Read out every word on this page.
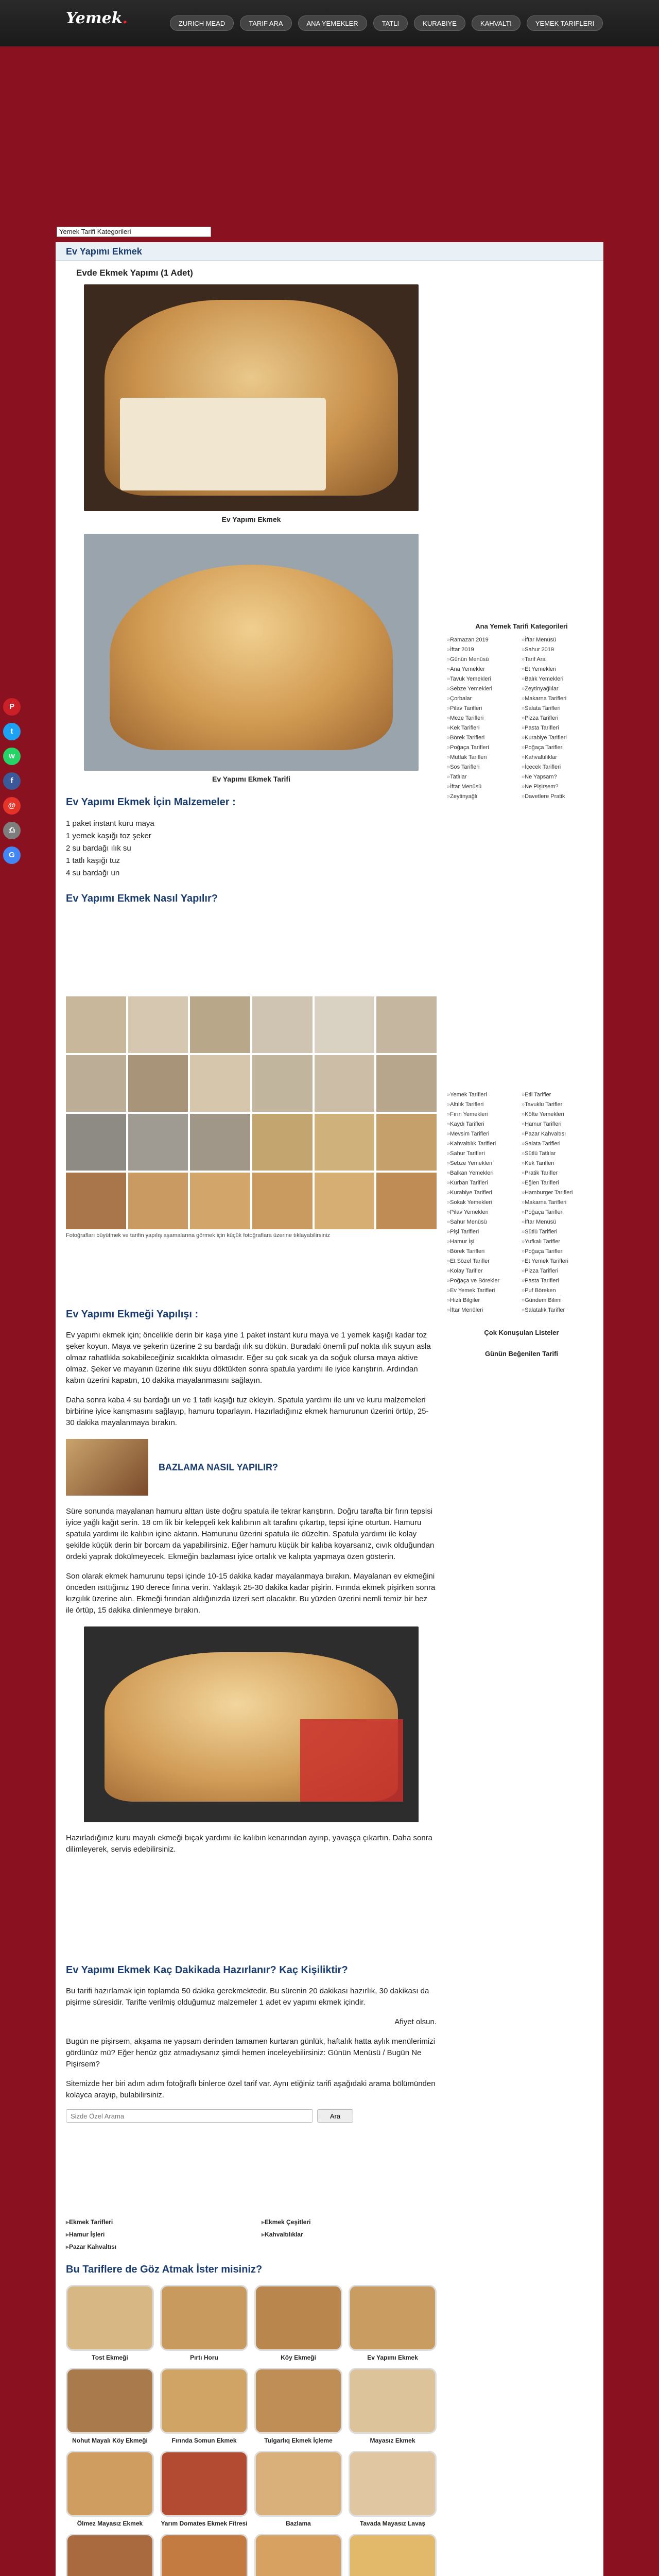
Yemek.	ZURICH MEAD	TARIF ARA	ANA YEMEKLER	TATLI	KURABIYE	KAHVALTI	YEMEK TARIFLERI
Yemek Tarifi Kategorileri
P
t
w
f
@
⎙
G
Ev Yapımı Ekmek
Evde Ekmek Yapımı (1 Adet)
Ev Yapımı Ekmek
Ev Yapımı Ekmek Tarifi
Ev Yapımı Ekmek İçin Malzemeler :
1 paket instant kuru maya
1 yemek kaşığı toz şeker
2 su bardağı ılık su
1 tatlı kaşığı tuz
4 su bardağı un
Ev Yapımı Ekmek Nasıl Yapılır?
Fotoğrafları büyütmek ve tarifin yapılış aşamalarına görmek için küçük fotoğraflara üzerine tıklayabilirsiniz
Ev Yapımı Ekmeği Yapılışı :

Ev yapımı ekmek için; öncelikle derin bir kaşa yine 1 paket instant kuru maya ve 1 yemek kaşığı kadar toz şeker koyun. Maya ve şekerin üzerine 2 su bardağı ılık su dökün. Buradaki önemli puf nokta ılık suyun asla olmaz rahatlıkla sokabileceğiniz sıcaklıkta olmasıdır. Eğer su çok sıcak ya da soğuk olursa maya aktive olmaz. Şeker ve mayanın üzerine ılık suyu döktükten sonra spatula yardımı ile iyice karıştırın. Ardından kabın üzerini kapatın, 10 dakika mayalanmasını sağlayın.

Daha sonra kaba 4 su bardağı un ve 1 tatlı kaşığı tuz ekleyin. Spatula yardımı ile unı ve kuru malzemeleri birbirine iyice karışmasını sağlayıp, hamuru toparlayın. Hazırladığınız ekmek hamurunun üzerini örtüp, 25-30 dakika mayalanmaya bırakın.

BAZLAMA NASIL YAPILIR?

Süre sonunda mayalanan hamuru alttan üste doğru spatula ile tekrar karıştırın. Doğru tarafta bir fırın tepsisi iyice yağlı kağıt serin. 18 cm lik bir kelepçeli kek kalıbının alt tarafını çıkartıp, tepsi içine oturtun. Hamuru spatula yardımı ile kalıbın içine aktarın. Hamurunu üzerini spatula ile düzeltin. Spatula yardımı ile kolay şekilde küçük derin bir borcam da yapabilirsiniz. Eğer hamuru küçük bir kalıba koyarsanız, cıvık olduğundan ördeki yaprak dökülmeyecek. Ekmeğin bazlaması iyice ortalık ve kalıpta yapmaya özen gösterin.

Son olarak ekmek hamurunu tepsi içinde 10-15 dakika kadar mayalanmaya bırakın. Mayalanan ev ekmeğini önceden ısıttığınız 190 derece fırına verin. Yaklaşık 25-30 dakika kadar pişirin. Fırında ekmek pişirken sonra kızgılık üzerine alın. Ekmeği fırından aldığınızda üzeri sert olacaktır. Bu yüzden üzerini nemli temiz bir bez ile örtüp, 15 dakika dinlenmeye bırakın.

Hazırladığınız kuru mayalı ekmeği bıçak yardımı ile kalıbın kenarından ayırıp, yavaşça çıkartın. Daha sonra dilimleyerek, servis edebilirsiniz.

Ev Yapımı Ekmek Kaç Dakikada Hazırlanır? Kaç Kişiliktir?

Bu tarifi hazırlamak için toplamda 50 dakika gerekmektedir. Bu sürenin 20 dakikası hazırlık, 30 dakikası da pişirme süresidir. Tarifte verilmiş olduğumuz malzemeler 1 adet ev yapımı ekmek içindir.

Afiyet olsun.

Bugün ne pişirsem, akşama ne yapsam derinden tamamen kurtaran günlük, haftalık hatta aylık menülerimizi gördünüz mü? Eğer henüz göz atmadıysanız şimdi hemen inceleyebilirsiniz: Günün Menüsü / Bugün Ne Pişirsem?

Sitemizde her biri adım adım fotoğraflı binlerce özel tarif var. Aynı etiğiniz tarifi aşağıdaki arama bölümünden kolayca arayıp, bulabilirsiniz.

Sizde Özel Arama
Ara
▸ Ekmek Tarifleri	▸ Ekmek Çeşitleri
▸ Hamur İşleri	▸ Kahvaltılıklar
▸ Pazar Kahvaltısı
Bu Tariflere de Göz Atmak İster misiniz?
Tost Ekmeği	Pırtı Horu	Köy Ekmeği	Ev Yapımı Ekmek
Nohut Mayalı Köy Ekmeği	Fırında Somun Ekmek	Tulgarlıq Ekmek İçleme	Mayasız Ekmek
Ölmez Mayasız Ekmek	Yarım Domates Ekmek Fitresi	Bazlama	Tavada Mayasız Lavaş
Ana Yemek Tarifi Kategorileri
» Ramazan 2019	» İftar Menüsü
» İftar 2019	» Sahur 2019
» Günün Menüsü	» Tarif Ara
» Ana Yemekler	» Et Yemekleri
» Tavuk Yemekleri	» Balık Yemekleri
» Sebze Yemekleri	» Zeytinyağlılar
» Çorbalar	» Makarna Tarifleri
» Pilav Tarifleri	» Salata Tarifleri
» Meze Tarifleri	» Pizza Tarifleri
» Kek Tarifleri	» Pasta Tarifleri
» Börek Tarifleri	» Kurabiye Tarifleri
» Poğaça Tarifleri	» Poğaça Tarifleri
» Mutfak Tarifleri	» Kahvaltılıklar
» Sos Tarifleri	» İçecek Tarifleri
» Tatlılar	» Ne Yapsam?
» İftar Menüsü	» Ne Pişirsem?
» Zeytinyağlı	» Davetlere Pratik
» Yemek Tarifleri	» Etli Tarifler
» Altılık Tarifleri	» Tavuklu Tarifler
» Fırın Yemekleri	» Köfte Yemekleri
» Kaydı Tarifleri	» Hamur Tarifleri
» Mevsim Tarifleri	» Pazar Kahvaltısı
» Kahvaltılık Tarifleri	» Salata Tarifleri
» Sahur Tarifleri	» Sütlü Tatlılar
» Sebze Yemekleri	» Kek Tarifleri
» Balkan Yemekleri	» Pratik Tarifler
» Kurban Tarifleri	» Eğlen Tarifleri
» Kurabiye Tarifleri	» Hamburger Tarifleri
» Sokak Yemekleri	» Makarna Tarifleri
» Pilav Yemekleri	» Poğaça Tarifleri
» Sahur Menüsü	» İftar Menüsü
» Pişi Tarifleri	» Sütlü Tarifleri
» Hamur İşi	» Yufkalı Tarifler
» Börek Tarifleri	» Poğaça Tarifleri
» Et Sözel Tarifler	» Et Yemek Tarifleri
» Kolay Tarifler	» Pizza Tarifleri
» Poğaça ve Börekler	» Pasta Tarifleri
» Ev Yemek Tarifleri	» Puf Böreken
» Hızlı Bilgiler	» Gündem Bilimi
» İftar Menüleri	» Salatalık Tarifler
Çok Konuşulan Listeler
Günün Beğenilen Tarifi
